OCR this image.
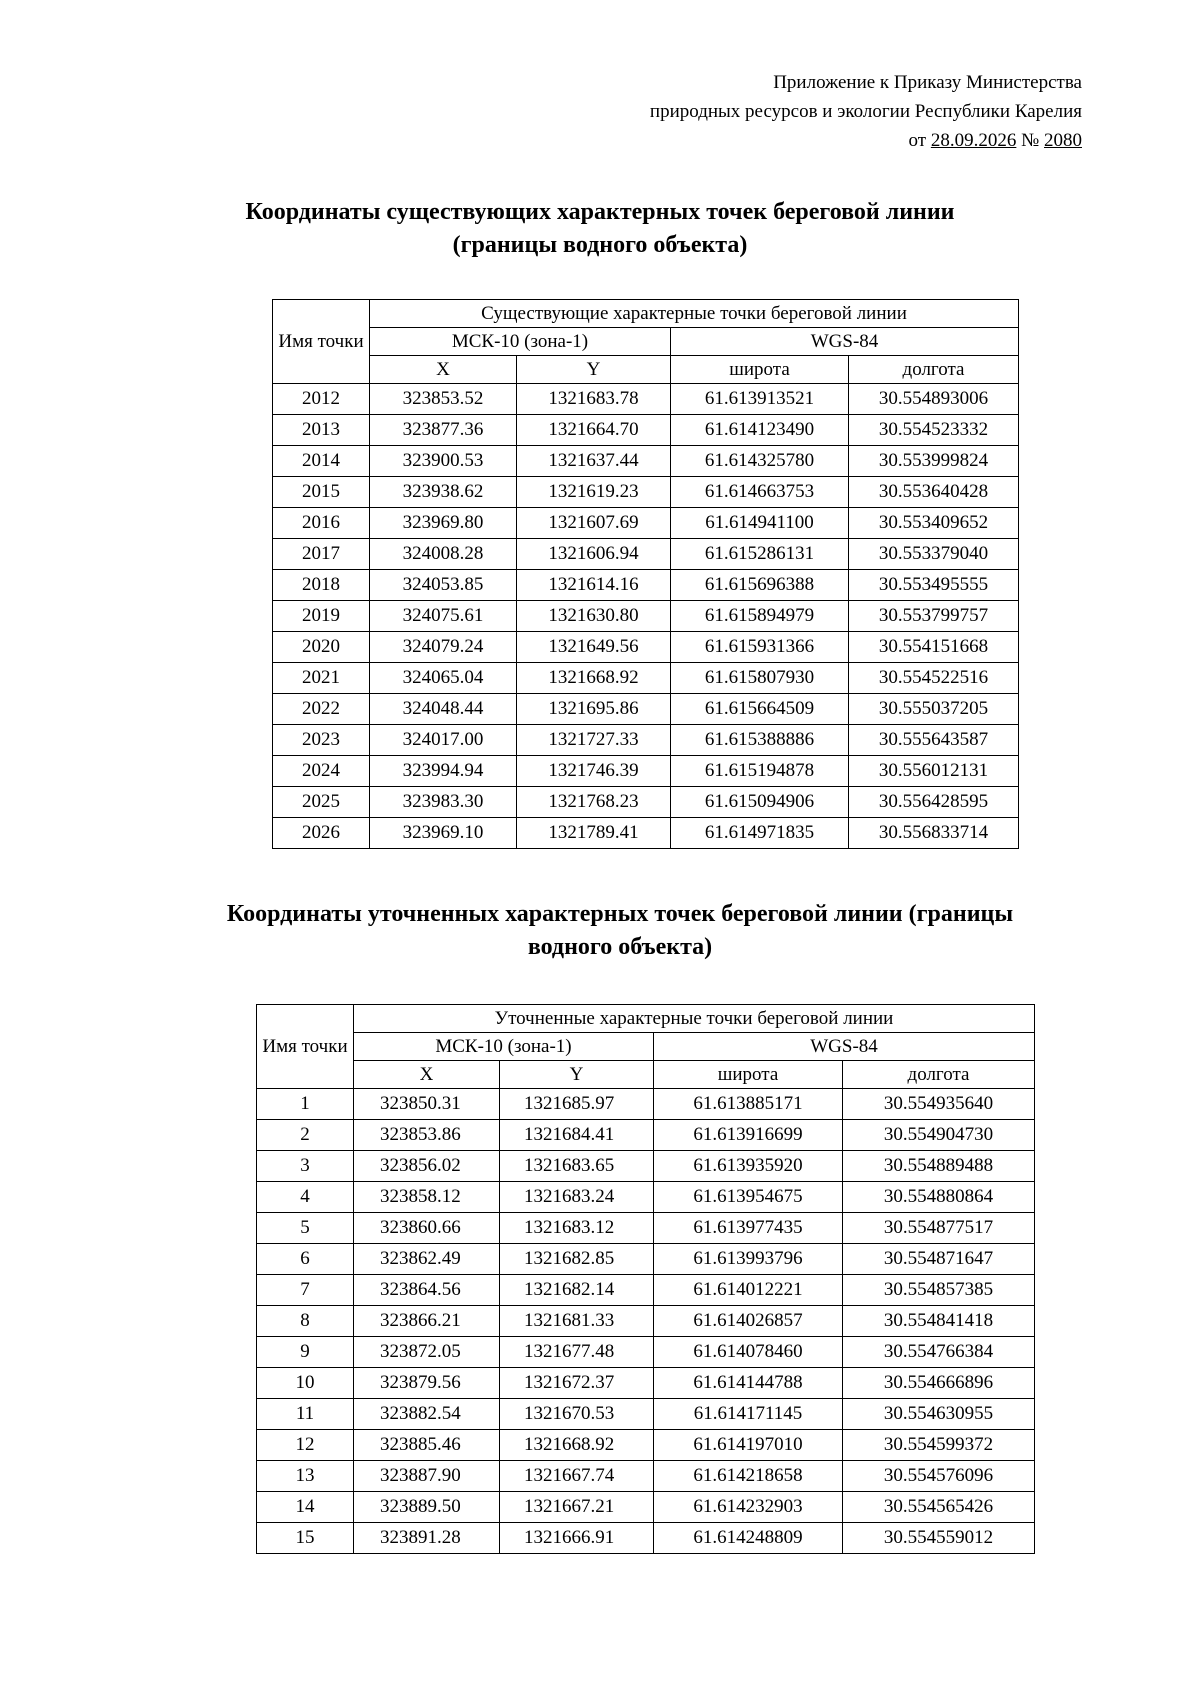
Приложение к Приказу Министерства
природных ресурсов и экологии Республики Карелия
от 28.09.2026 № 2080
Координаты существующих характерных точек береговой линии
(границы водного объекта)
Имя точки	Существующие характерные точки береговой линии			
	МСК-10 (зона-1)		WGS-84	
	X	Y	широта	долгота
2012	323853.52	1321683.78	61.613913521	30.554893006
2013	323877.36	1321664.70	61.614123490	30.554523332
2014	323900.53	1321637.44	61.614325780	30.553999824
2015	323938.62	1321619.23	61.614663753	30.553640428
2016	323969.80	1321607.69	61.614941100	30.553409652
2017	324008.28	1321606.94	61.615286131	30.553379040
2018	324053.85	1321614.16	61.615696388	30.553495555
2019	324075.61	1321630.80	61.615894979	30.553799757
2020	324079.24	1321649.56	61.615931366	30.554151668
2021	324065.04	1321668.92	61.615807930	30.554522516
2022	324048.44	1321695.86	61.615664509	30.555037205
2023	324017.00	1321727.33	61.615388886	30.555643587
2024	323994.94	1321746.39	61.615194878	30.556012131
2025	323983.30	1321768.23	61.615094906	30.556428595
2026	323969.10	1321789.41	61.614971835	30.556833714
Координаты уточненных характерных точек береговой линии (границы
водного объекта)
Имя точки	Уточненные характерные точки береговой линии			
	МСК-10 (зона-1)		WGS-84	
	X	Y	широта	долгота
1	323850.31	1321685.97	61.613885171	30.554935640
2	323853.86	1321684.41	61.613916699	30.554904730
3	323856.02	1321683.65	61.613935920	30.554889488
4	323858.12	1321683.24	61.613954675	30.554880864
5	323860.66	1321683.12	61.613977435	30.554877517
6	323862.49	1321682.85	61.613993796	30.554871647
7	323864.56	1321682.14	61.614012221	30.554857385
8	323866.21	1321681.33	61.614026857	30.554841418
9	323872.05	1321677.48	61.614078460	30.554766384
10	323879.56	1321672.37	61.614144788	30.554666896
11	323882.54	1321670.53	61.614171145	30.554630955
12	323885.46	1321668.92	61.614197010	30.554599372
13	323887.90	1321667.74	61.614218658	30.554576096
14	323889.50	1321667.21	61.614232903	30.554565426
15	323891.28	1321666.91	61.614248809	30.554559012
